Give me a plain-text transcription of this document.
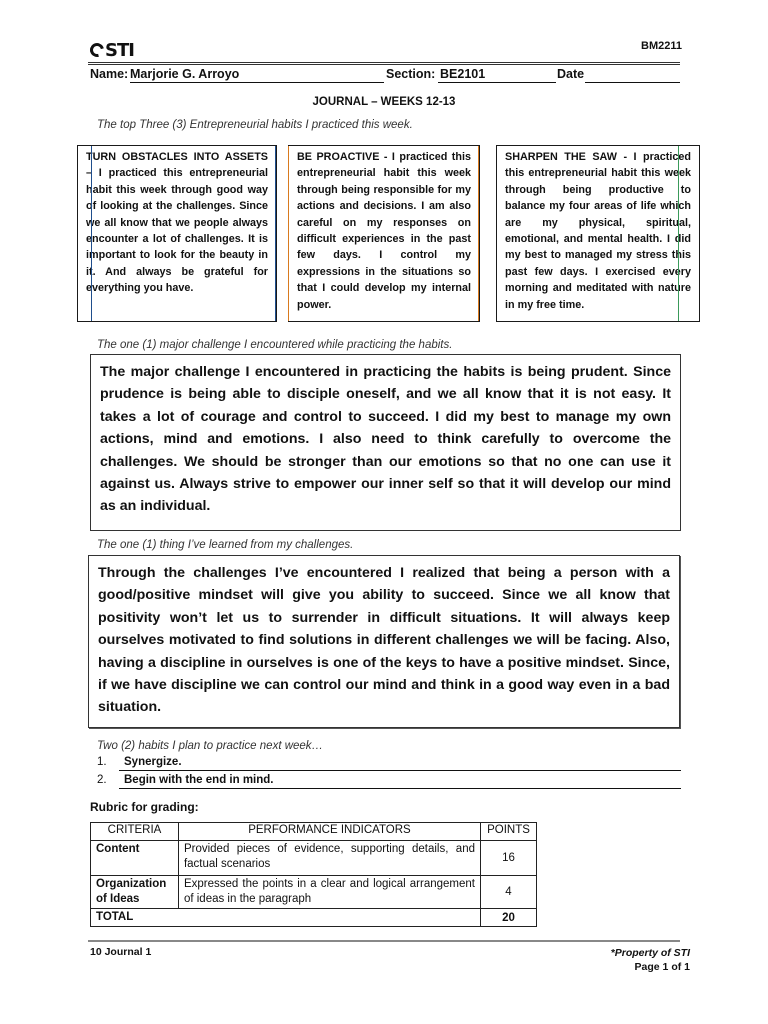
STI	BM2211
Name: Marjorie G. Arroyo	Section: BE2101	Date
JOURNAL – WEEKS 12-13
The top Three (3) Entrepreneurial habits I practiced this week.
TURN OBSTACLES INTO ASSETS – I practiced this entrepreneurial habit this week through good way of looking at the challenges. Since we all know that we people always encounter a lot of challenges. It is important to look for the beauty in it. And always be grateful for everything you have.
BE PROACTIVE - I practiced this entrepreneurial habit this week through being responsible for my actions and decisions. I am also careful on my responses on difficult experiences in the past few days. I control my expressions in the situations so that I could develop my internal power.
SHARPEN THE SAW - I practiced this entrepreneurial habit this week through being productive to balance my four areas of life which are my physical, spiritual, emotional, and mental health. I did my best to managed my stress this past few days. I exercised every morning and meditated with nature in my free time.
The one (1) major challenge I encountered while practicing the habits.
The major challenge I encountered in practicing the habits is being prudent. Since prudence is being able to disciple oneself, and we all know that it is not easy. It takes a lot of courage and control to succeed. I did my best to manage my own actions, mind and emotions. I also need to think carefully to overcome the challenges. We should be stronger than our emotions so that no one can use it against us. Always strive to empower our inner self so that it will develop our mind as an individual.
The one (1) thing I’ve learned from my challenges.
Through the challenges I’ve encountered I realized that being a person with a good/positive mindset will give you ability to succeed. Since we all know that positivity won’t let us to surrender in difficult situations. It will always keep ourselves motivated to find solutions in different challenges we will be facing. Also, having a discipline in ourselves is one of the keys to have a positive mindset. Since, if we have discipline we can control our mind and think in a good way even in a bad situation.
Two (2) habits I plan to practice next week…
1. Synergize.
2. Begin with the end in mind.
Rubric for grading:
CRITERIA	PERFORMANCE INDICATORS	POINTS
Content	Provided pieces of evidence, supporting details, and factual scenarios	16
Organization of Ideas	Expressed the points in a clear and logical arrangement of ideas in the paragraph	4
TOTAL		20
10 Journal 1	*Property of STI
Page 1 of 1
